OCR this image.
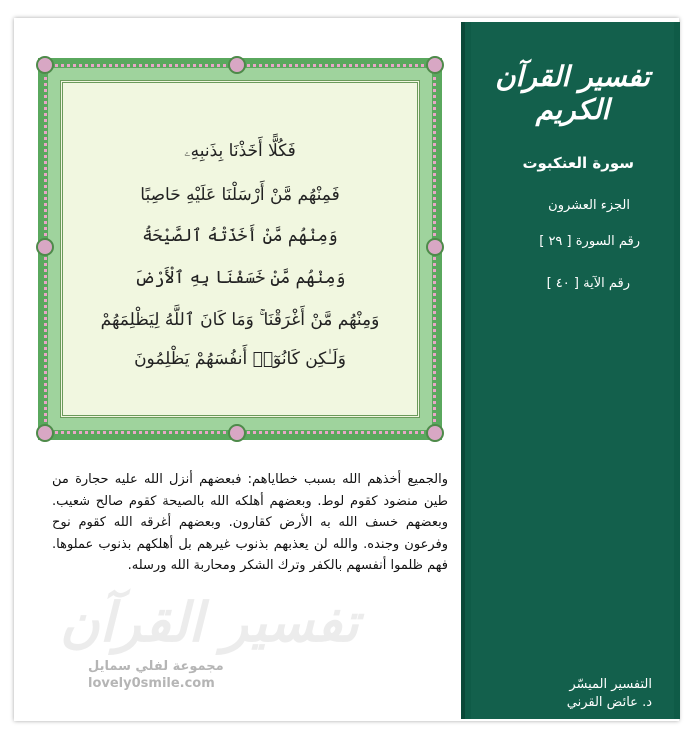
تفسير القرآن الكريم
سورة العنكبوت
الجزء العشرون
رقم السورة [ ٢٩ ]
رقم الآية [ ٤٠ ]
التفسير الميسّر
د. عائض القرني
فَكُلًّا أَخَذْنَا بِذَنبِهِۦ
فَمِنْهُم مَّنْ أَرْسَلْنَا عَلَيْهِ حَاصِبًا
وَمِنْهُم مَّنْ أَخَذَتْهُ ٱلصَّيْحَةُ
وَمِنْهُم مَّنْ خَسَفْنَا بِهِ ٱلْأَرْضَ
وَمِنْهُم مَّنْ أَغْرَقْنَا ۚ وَمَا كَانَ ٱللَّهُ لِيَظْلِمَهُمْ
وَلَـٰكِن كَانُوٓا۟ أَنفُسَهُمْ يَظْلِمُونَ
تفسير القرآن
والجميع أخذهم الله بسبب خطاياهم: فبعضهم أنزل الله عليه حجارة من طين منضود كقوم لوط. وبعضهم أهلكه الله بالصيحة كقوم صالح شعيب. وبعضهم خسف الله به الأرض كقارون. وبعضهم أغرقه الله كقوم نوح وفرعون وجنده. والله لن يعذبهم بذنوب غيرهم بل أهلكهم بذنوب عملوها. فهم ظلموا أنفسهم بالكفر وترك الشكر ومحاربة الله ورسله.
مجموعة لفلي سمايل
lovely0smile.com
